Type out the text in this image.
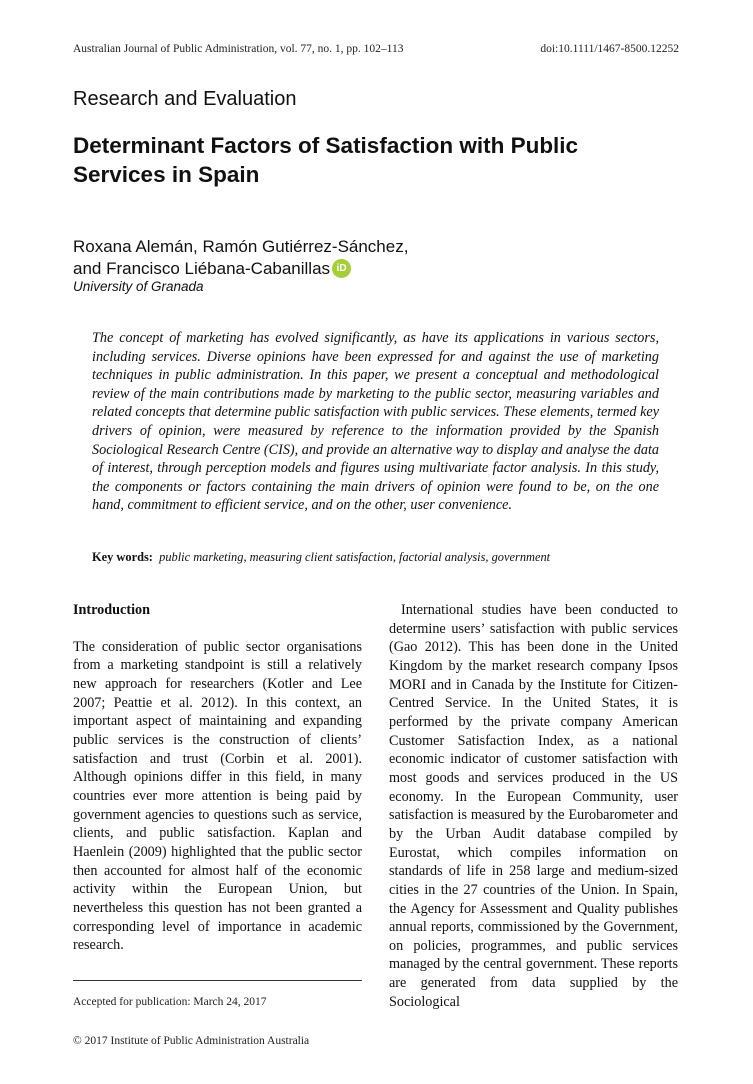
Australian Journal of Public Administration, vol. 77, no. 1, pp. 102–113	doi:10.1111/1467-8500.12252
Research and Evaluation
Determinant Factors of Satisfaction with Public Services in Spain
Roxana Alemán, Ramón Gutiérrez-Sánchez,
and Francisco Liébana-Cabanillas iD
University of Granada

The concept of marketing has evolved significantly, as have its applications in various sectors, including services. Diverse opinions have been expressed for and against the use of marketing techniques in public administration. In this paper, we present a conceptual and methodological review of the main contributions made by marketing to the public sector, measuring variables and related concepts that determine public satisfaction with public services. These elements, termed key drivers of opinion, were measured by reference to the information provided by the Spanish Sociological Research Centre (CIS), and provide an alternative way to display and analyse the data of interest, through perception models and figures using multivariate factor analysis. In this study, the components or factors containing the main drivers of opinion were found to be, on the one hand, commitment to efficient service, and on the other, user convenience.

Key words: public marketing, measuring client satisfaction, factorial analysis, government
Introduction

The consideration of public sector organisations from a marketing standpoint is still a relatively new approach for researchers (Kotler and Lee 2007; Peattie et al. 2012). In this context, an important aspect of maintaining and expanding public services is the construction of clients’ satisfaction and trust (Corbin et al. 2001). Although opinions differ in this field, in many countries ever more attention is being paid by government agencies to questions such as service, clients, and public satisfaction. Kaplan and Haenlein (2009) highlighted that the public sector then accounted for almost half of the economic activity within the European Union, but nevertheless this question has not been granted a corresponding level of importance in academic research.

International studies have been conducted to determine users’ satisfaction with public services (Gao 2012). This has been done in the United Kingdom by the market research company Ipsos MORI and in Canada by the Institute for Citizen-Centred Service. In the United States, it is performed by the private company American Customer Satisfaction Index, as a national economic indicator of customer satisfaction with most goods and services produced in the US economy. In the European Community, user satisfaction is measured by the Eurobarometer and by the Urban Audit database compiled by Eurostat, which compiles information on standards of life in 258 large and medium-sized cities in the 27 countries of the Union. In Spain, the Agency for Assessment and Quality publishes annual reports, commissioned by the Government, on policies, programmes, and public services managed by the central government. These reports are generated from data supplied by the Sociological

Accepted for publication: March 24, 2017
© 2017 Institute of Public Administration Australia
